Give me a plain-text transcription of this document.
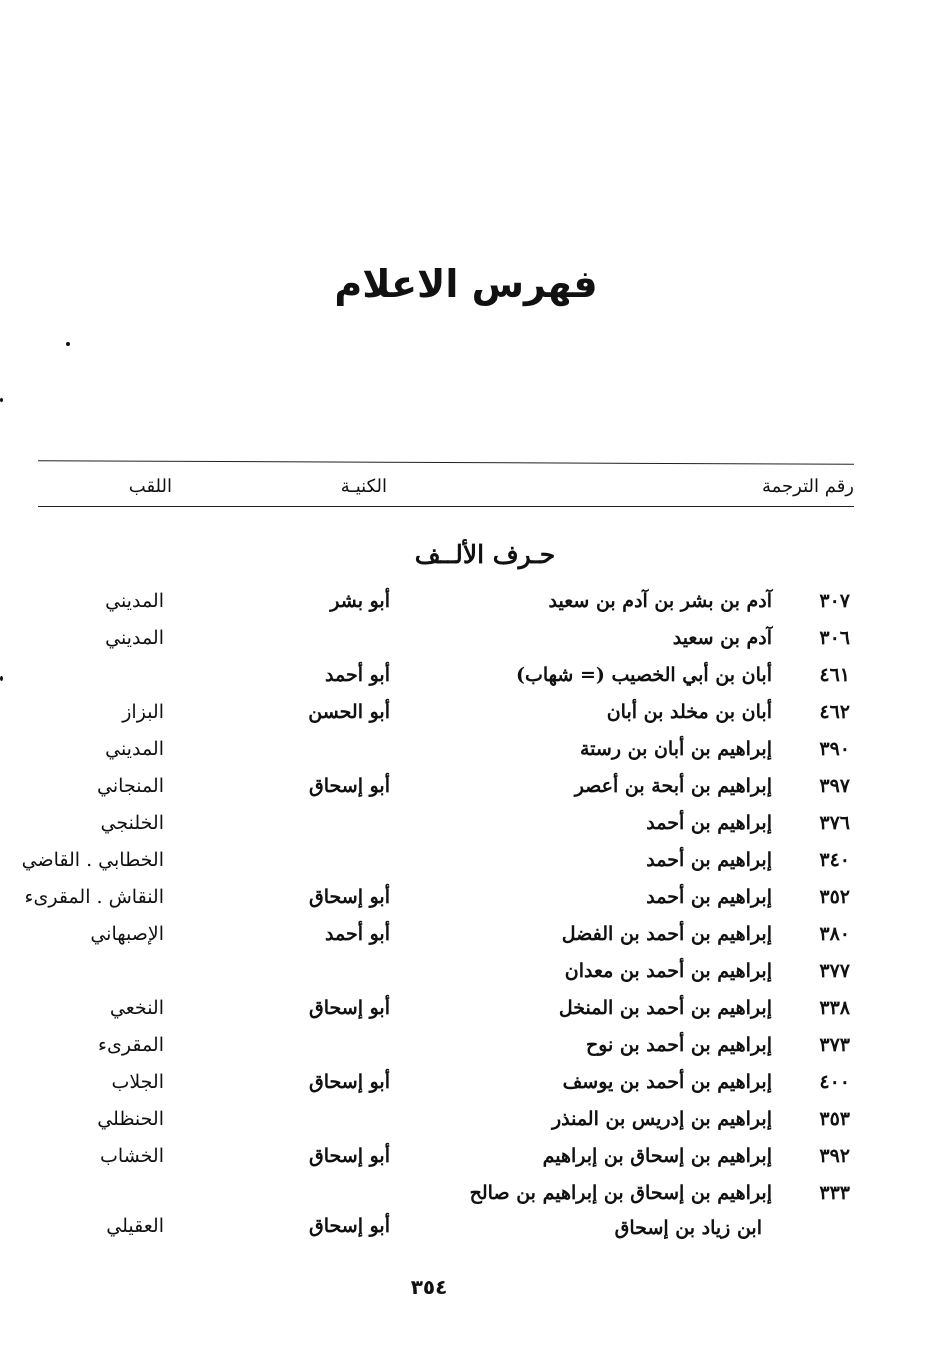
فهرس الاعلام
رقم الترجمة
الكنيـة
اللقب
حـرف الألــف
٣٠٧
آدم بن بشر بن آدم بن سعيد
أبو بشر
المديني
٣٠٦
آدم بن سعيد
المديني
٤٦١
أبان بن أبي الخصيب (= شهاب)
أبو أحمد
٤٦٢
أبان بن مخلد بن أبان
أبو الحسن
البزاز
٣٩٠
إبراهيم بن أبان بن رستة
المديني
٣٩٧
إبراهيم بن أبحة بن أعصر
أبو إسحاق
المنجاني
٣٧٦
إبراهيم بن أحمد
الخلنجي
٣٤٠
إبراهيم بن أحمد
الخطابي . القاضي
٣٥٢
إبراهيم بن أحمد
أبو إسحاق
النقاش . المقرىء
٣٨٠
إبراهيم بن أحمد بن الفضل
أبو أحمد
الإصبهاني
٣٧٧
إبراهيم بن أحمد بن معدان
٣٣٨
إبراهيم بن أحمد بن المنخل
أبو إسحاق
النخعي
٣٧٣
إبراهيم بن أحمد بن نوح
المقرىء
٤٠٠
إبراهيم بن أحمد بن يوسف
أبو إسحاق
الجلاب
٣٥٣
إبراهيم بن إدريس بن المنذر
الحنظلي
٣٩٢
إبراهيم بن إسحاق بن إبراهيم
أبو إسحاق
الخشاب
٣٣٣
إبراهيم بن إسحاق بن إبراهيم بن صالح
أبو إسحاق
العقيلي	ابن زياد بن إسحاق
٣٥٤
